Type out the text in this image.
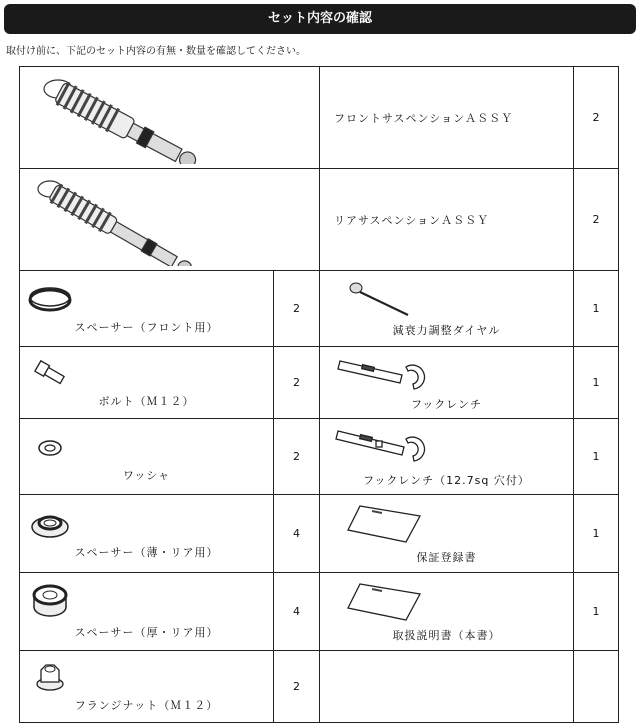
セット内容の確認
取付け前に、下記のセット内容の有無・数量を確認してください。
	フロントサスペンションＡＳＳＹ	2
	リアサスペンションＡＳＳＹ	2

スペーサー（フロント用）	2	減衰力調整ダイヤル	1

ボルト（Ｍ１２）	2	フックレンチ	1

ワッシャ	2	フックレンチ（12.7sq 穴付）	1

スペーサー（薄・リア用）	4	保証登録書	1

スペーサー（厚・リア用）	4	取扱説明書（本書）	1

フランジナット（Ｍ１２）	2		
